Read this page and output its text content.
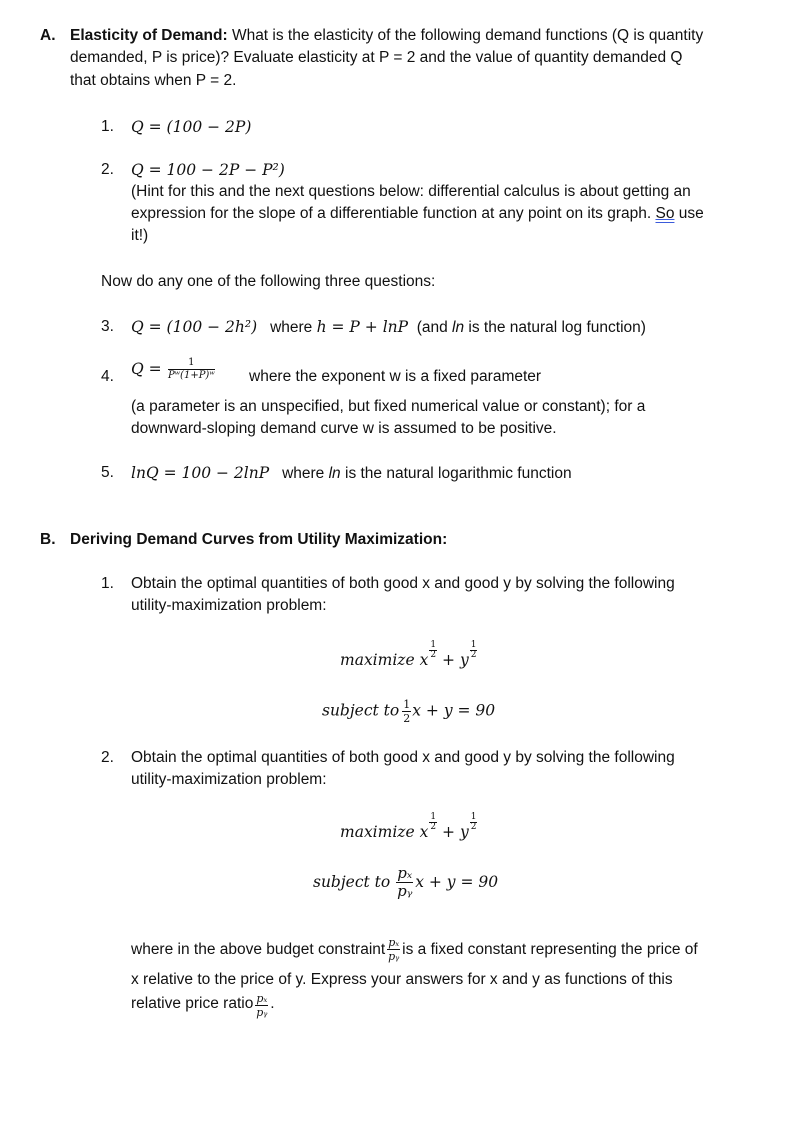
A. Elasticity of Demand: What is the elasticity of the following demand functions (Q is quantity
demanded, P is price)? Evaluate elasticity at P = 2 and the value of quantity demanded Q
that obtains when P = 2.
1. Q = (100 − 2P)
2. Q = 100 − 2P − P²)
(Hint for this and the next questions below: differential calculus is about getting an
expression for the slope of a differentiable function at any point on its graph. So use
it!)
Now do any one of the following three questions:
3. Q = (100 − 2h²) where h = P + lnP (and ln is the natural log function)
4. $Q = \frac{1}{\text{Pʷ(1+P)ʷ}}$ where the exponent w is a fixed parameter
(a parameter is an unspecified, but fixed numerical value or constant); for a
downward-sloping demand curve w is assumed to be positive.
5. lnQ = 100 − 2lnP where ln is the natural logarithmic function
B. Deriving Demand Curves from Utility Maximization:
1. Obtain the optimal quantities of both good x and good y by solving the following
utility-maximization problem:
maximize x $\frac{1}{2} + y \frac{1}{2}$
subject to $\frac{1}{2}$ x + y = 90
2. Obtain the optimal quantities of both good x and good y by solving the following
utility-maximization problem:
maximize x $\frac{1}{2} + y \frac{1}{2}$
subject to $\frac{\text{pₓ}}{\text{pᵧ}}$ x + y = 90
where in the above budget constraint $\frac{\text{pₓ}}{\text{pᵧ}}$ is a fixed constant representing the price of
x relative to the price of y. Express your answers for x and y as functions of this
relative price ratio $\frac{\text{pₓ}}{\text{pᵧ}}$ .
